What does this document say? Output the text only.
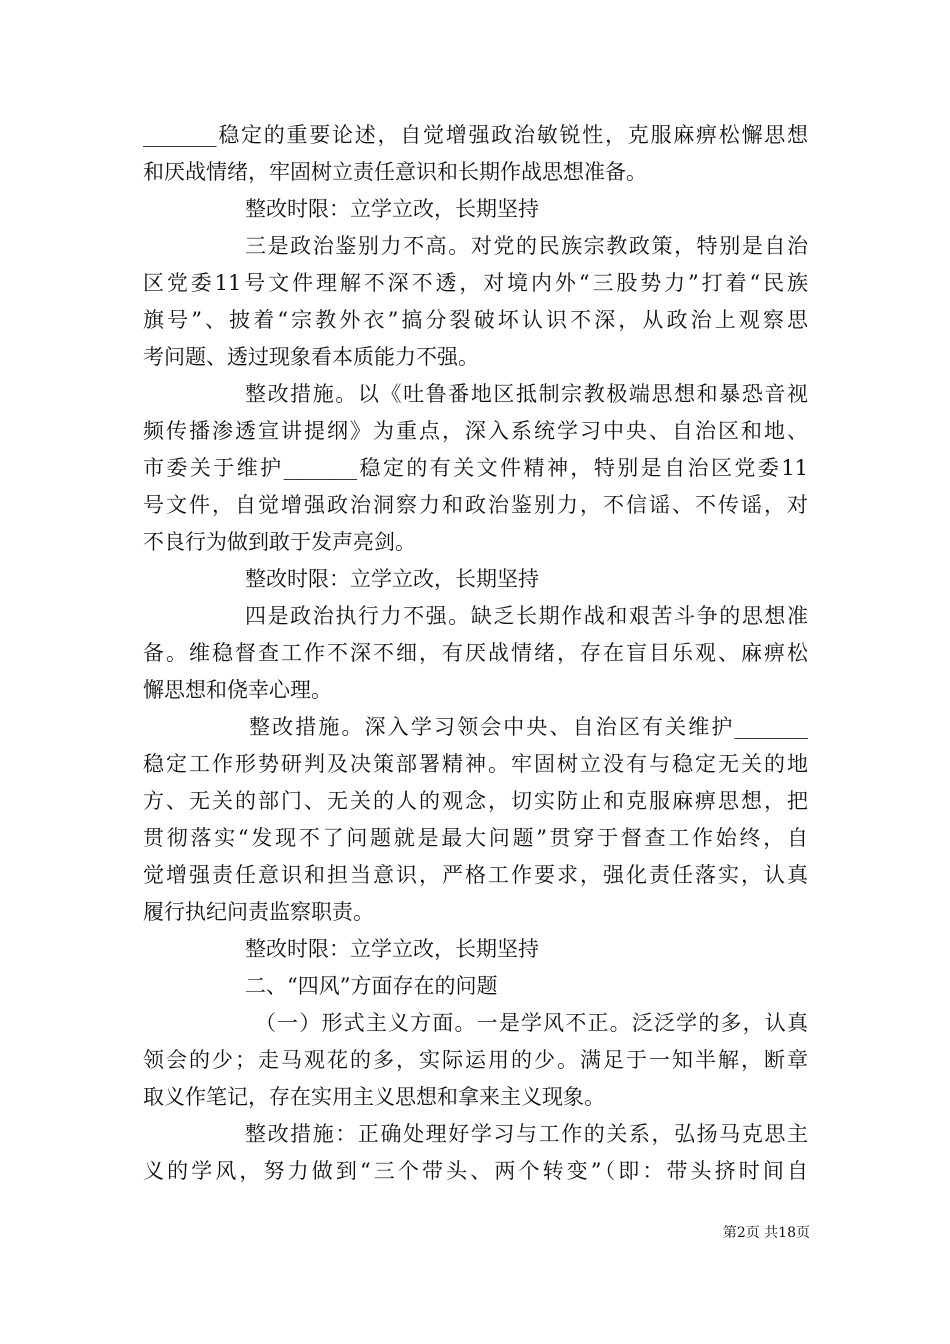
_______稳定的重要论述，自觉增强政治敏锐性，克服麻痹松懈思想
和厌战情绪，牢固树立责任意识和长期作战思想准备。
整改时限：立学立改，长期坚持
三是政治鉴别力不高。对党的民族宗教政策，特别是自治
区党委11号文件理解不深不透，对境内外“三股势力”打着“民族
旗号”、披着“宗教外衣”搞分裂破坏认识不深，从政治上观察思
考问题、透过现象看本质能力不强。
整改措施。以《吐鲁番地区抵制宗教极端思想和暴恐音视
频传播渗透宣讲提纲》为重点，深入系统学习中央、自治区和地、
市委关于维护_______稳定的有关文件精神，特别是自治区党委11
号文件，自觉增强政治洞察力和政治鉴别力，不信谣、不传谣，对
不良行为做到敢于发声亮剑。
整改时限：立学立改，长期坚持
四是政治执行力不强。缺乏长期作战和艰苦斗争的思想准
备。维稳督查工作不深不细，有厌战情绪，存在盲目乐观、麻痹松
懈思想和侥幸心理。
整改措施。深入学习领会中央、自治区有关维护_______
稳定工作形势研判及决策部署精神。牢固树立没有与稳定无关的地
方、无关的部门、无关的人的观念，切实防止和克服麻痹思想，把
贯彻落实“发现不了问题就是最大问题”贯穿于督查工作始终，自
觉增强责任意识和担当意识，严格工作要求，强化责任落实，认真
履行执纪问责监察职责。
整改时限：立学立改，长期坚持
二、“四风”方面存在的问题
（一）形式主义方面。一是学风不正。泛泛学的多，认真
领会的少；走马观花的多，实际运用的少。满足于一知半解，断章
取义作笔记，存在实用主义思想和拿来主义现象。
整改措施：正确处理好学习与工作的关系，弘扬马克思主
义的学风，努力做到“三个带头、两个转变”（即：带头挤时间自
第2页 共18页
